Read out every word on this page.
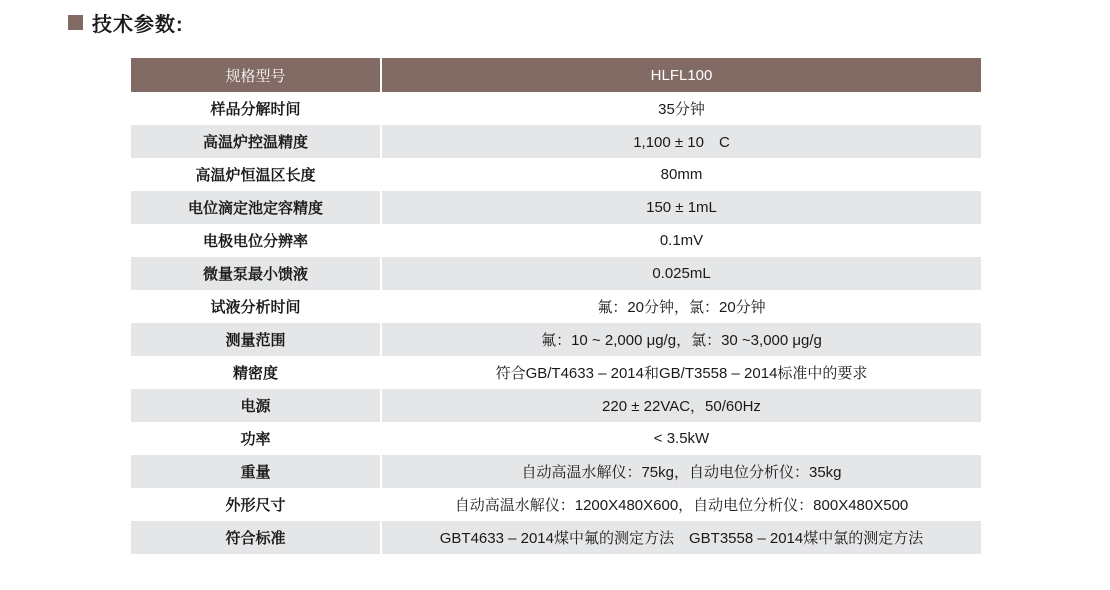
技术参数:
规格型号	HLFL100
样品分解时间	35分钟
高温炉控温精度	1,100 ± 10　C
高温炉恒温区长度	80mm
电位滴定池定容精度	150 ± 1mL
电极电位分辨率	0.1mV
微量泵最小馈液	0.025mL
试液分析时间	氟：20分钟，氯：20分钟
测量范围	氟：10 ~ 2,000 μg/g，氯：30 ~3,000 μg/g
精密度	符合GB/T4633 – 2014和GB/T3558 – 2014标准中的要求
电源	220 ± 22VAC，50/60Hz
功率	< 3.5kW
重量	自动高温水解仪：75kg，自动电位分析仪：35kg
外形尺寸	自动高温水解仪：1200X480X600，自动电位分析仪：800X480X500
符合标准	GBT4633 – 2014煤中氟的测定方法　GBT3558 – 2014煤中氯的测定方法
